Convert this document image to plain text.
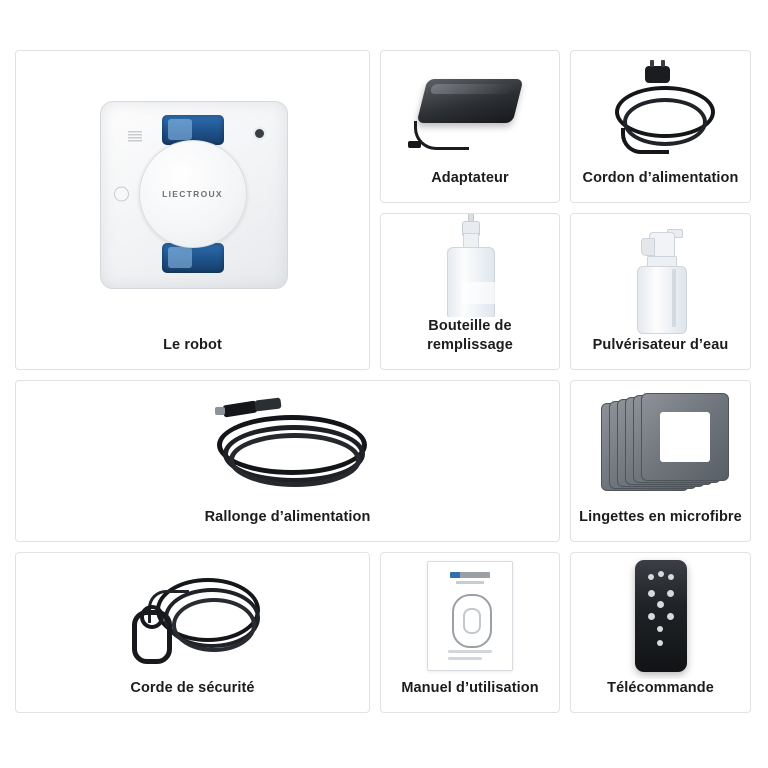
LIECTROUX
Le robot
Adaptateur	Cordon d’alimentation
Bouteille de remplissage	Pulvérisateur d’eau
Rallonge d’alimentation	Lingettes en microfibre
Corde de sécurité	Manuel d’utilisation	Télécommande
